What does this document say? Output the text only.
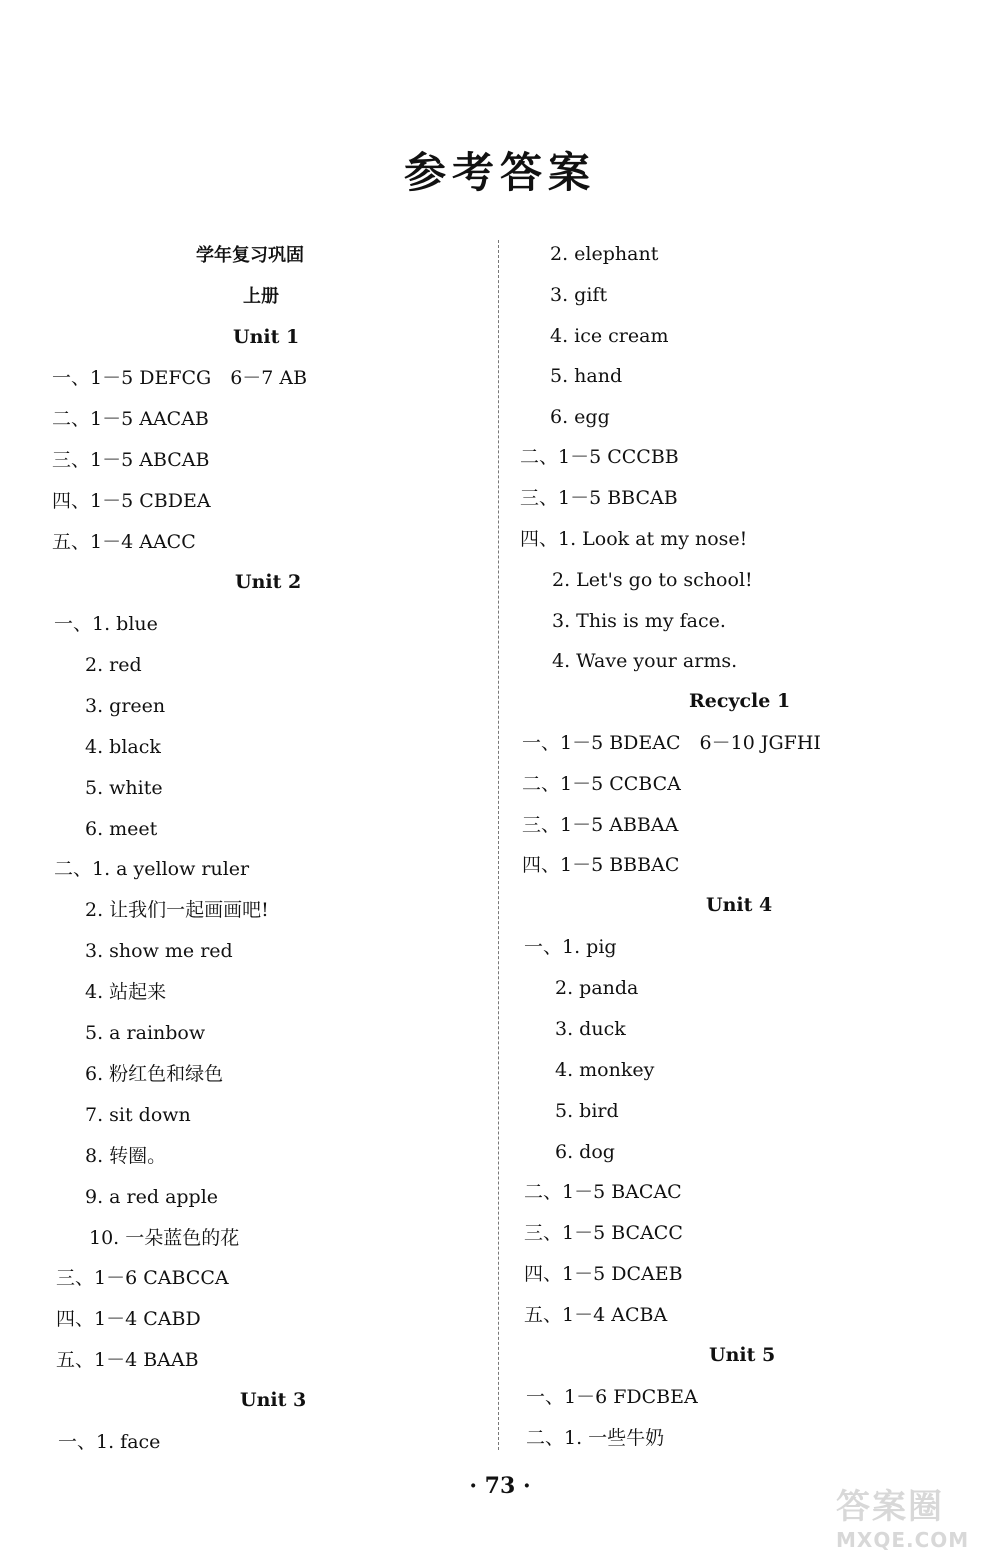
参考答案
学年复习巩固
上册
Unit 1
一、1－5 DEFCG　6－7 AB
二、1－5 AACAB
三、1－5 ABCAB
四、1－5 CBDEA
五、1－4 AACC
Unit 2
一、1. blue
2. red
3. green
4. black
5. white
6. meet
二、1. a yellow ruler
2. 让我们一起画画吧!
3. show me red
4. 站起来
5. a rainbow
6. 粉红色和绿色
7. sit down
8. 转圈。
9. a red apple
10. 一朵蓝色的花
三、1－6 CABCCA
四、1－4 CABD
五、1－4 BAAB
Unit 3
一、1. face
2. elephant
3. gift
4. ice cream
5. hand
6. egg
二、1－5 CCCBB
三、1－5 BBCAB
四、1. Look at my nose!
2. Let's go to school!
3. This is my face.
4. Wave your arms.
Recycle 1
一、1－5 BDEAC　6－10 JGFHI
二、1－5 CCBCA
三、1－5 ABBAA
四、1－5 BBBAC
Unit 4
一、1. pig
2. panda
3. duck
4. monkey
5. bird
6. dog
二、1－5 BACAC
三、1－5 BCACC
四、1－5 DCAEB
五、1－4 ACBA
Unit 5
一、1－6 FDCBEA
二、1. 一些牛奶
· 73 ·
答案圈
MXQE.COM
